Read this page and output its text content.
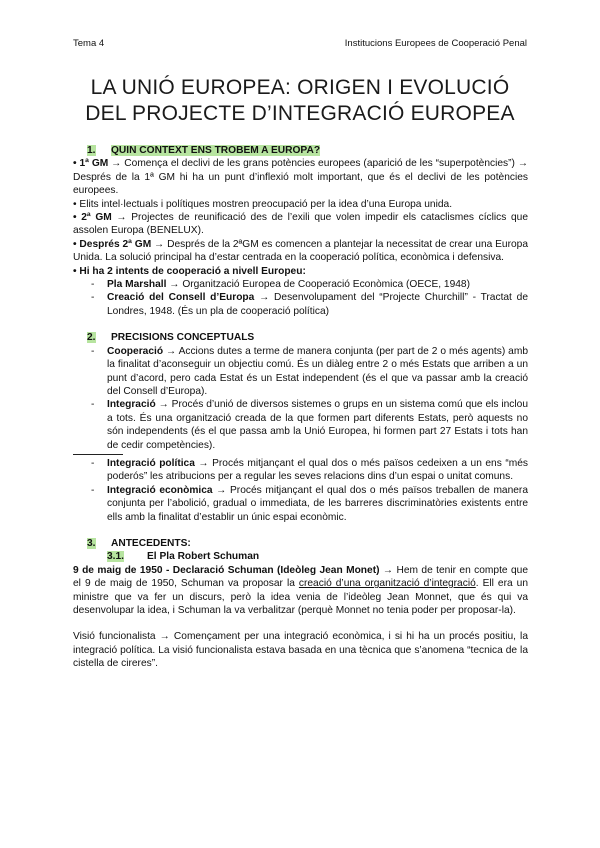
Tema 4	Institucions Europees de Cooperació Penal
LA UNIÓ EUROPEA: ORIGEN I EVOLUCIÓ
DEL PROJECTE D’INTEGRACIÓ EUROPEA
1. QUIN CONTEXT ENS TROBEM A EUROPA?

• 1ª GM → Comença el declivi de les grans potències europees (aparició de les “superpotències”) → Després de la 1ª GM hi ha un punt d’inflexió molt important, que és el declivi de les potències europees.

• Elits intel·lectuals i polítiques mostren preocupació per la idea d’una Europa unida.

• 2ª GM → Projectes de reunificació des de l’exili que volen impedir els cataclismes cíclics que assolen Europa (BENELUX).

• Després 2ª GM → Després de la 2ªGM es comencen a plantejar la necessitat de crear una Europa Unida. La solució principal ha d’estar centrada en la cooperació política, econòmica i defensiva.

• Hi ha 2 intents de cooperació a nivell Europeu:

- Pla Marshall → Organització Europea de Cooperació Econòmica (OECE, 1948)
- Creació del Consell d’Europa → Desenvolupament del “Projecte Churchill” - Tractat de Londres, 1948. (És un pla de cooperació política)
2. PRECISIONS CONCEPTUALS
- Cooperació → Accions dutes a terme de manera conjunta (per part de 2 o més agents) amb la finalitat d’aconseguir un objectiu comú. És un diàleg entre 2 o més Estats que arriben a un punt d’acord, pero cada Estat és un Estat independent (és el que va passar amb la creació del Consell d’Europa).
- Integració → Procés d’unió de diversos sistemes o grups en un sistema comú que els inclou a tots. És una organització creada de la que formen part diferents Estats, però aquests no són independents (és el que passa amb la Unió Europea, hi formen part 27 Estats i tots han de cedir competències).
- Integració política → Procés mitjançant el qual dos o més països cedeixen a un ens “més poderós” les atribucions per a regular les seves relacions dins d’un espai o unitat comuns.
- Integració econòmica → Procés mitjançant el qual dos o més països treballen de manera conjunta per l’abolició, gradual o immediata, de les barreres discriminatòries existents entre ells amb la finalitat d’establir un únic espai econòmic.
3. ANTECEDENTS:
3.1. El Pla Robert Schuman

9 de maig de 1950 - Declaració Schuman (Ideòleg Jean Monet) → Hem de tenir en compte que el 9 de maig de 1950, Schuman va proposar la creació d’una organització d’integració. Ell era un ministre que va fer un discurs, però la idea venia de l’ideòleg Jean Monnet, que és qui va desenvolupar la idea, i Schuman la va verbalitzar (perquè Monnet no tenia poder per proposar-la).

Visió funcionalista → Començament per una integració econòmica, i si hi ha un procés positiu, la integració política. La visió funcionalista estava basada en una tècnica que s’anomena “tecnica de la cistella de cireres”.
